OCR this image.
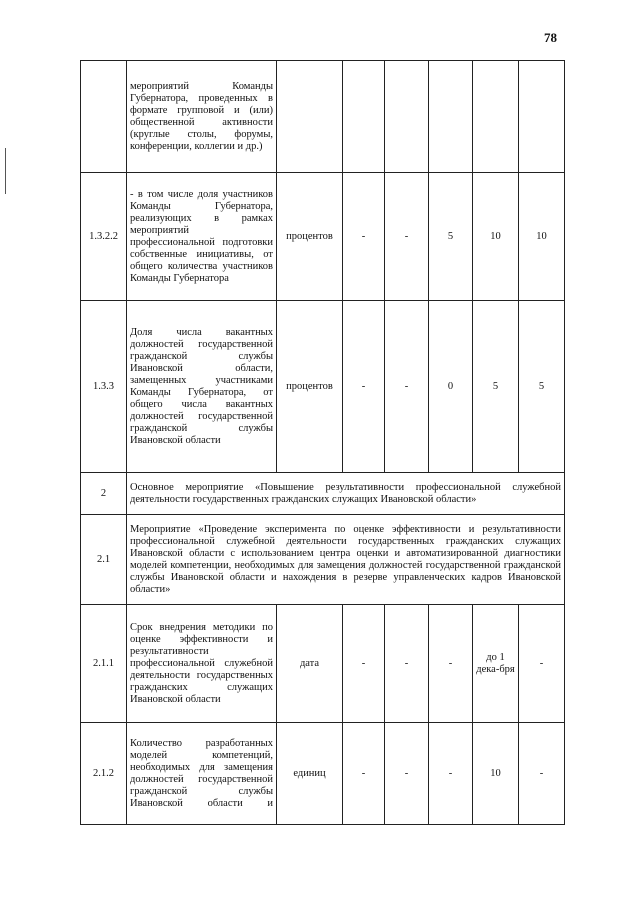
78
	мероприятий Команды Губернатора, проведенных в формате групповой и (или) общественной активности (круглые столы, форумы, конференции, коллегии и др.)						
1.3.2.2	- в том числе доля участников Команды Губернатора, реализующих в рамках мероприятий профессиональной подготовки собственные инициативы, от общего количества участников Команды Губернатора	процентов	-	-	5	10	10
1.3.3	Доля числа вакантных должностей государственной гражданской службы Ивановской области, замещенных участниками Команды Губернатора, от общего числа вакантных должностей государственной гражданской службы Ивановской области	процентов	-	-	0	5	5
2	Основное мероприятие «Повышение результативности профессиональной служебной деятельности государственных гражданских служащих Ивановской области»						
2.1	Мероприятие «Проведение эксперимента по оценке эффективности и результативности профессиональной служебной деятельности государственных гражданских служащих Ивановской области с использованием центра оценки и автоматизированной диагностики моделей компетенции, необходимых для замещения должностей государственной гражданской службы Ивановской области и нахождения в резерве управленческих кадров Ивановской области»						
2.1.1	Срок внедрения методики по оценке эффективности и результативности профессиональной служебной деятельности государственных гражданских служащих Ивановской области	дата	-	-	-	до 1 дека-бря	-
2.1.2	Количество разработанных моделей компетенций, необходимых для замещения должностей государственной гражданской службы Ивановской области и	единиц	-	-	-	10	-
